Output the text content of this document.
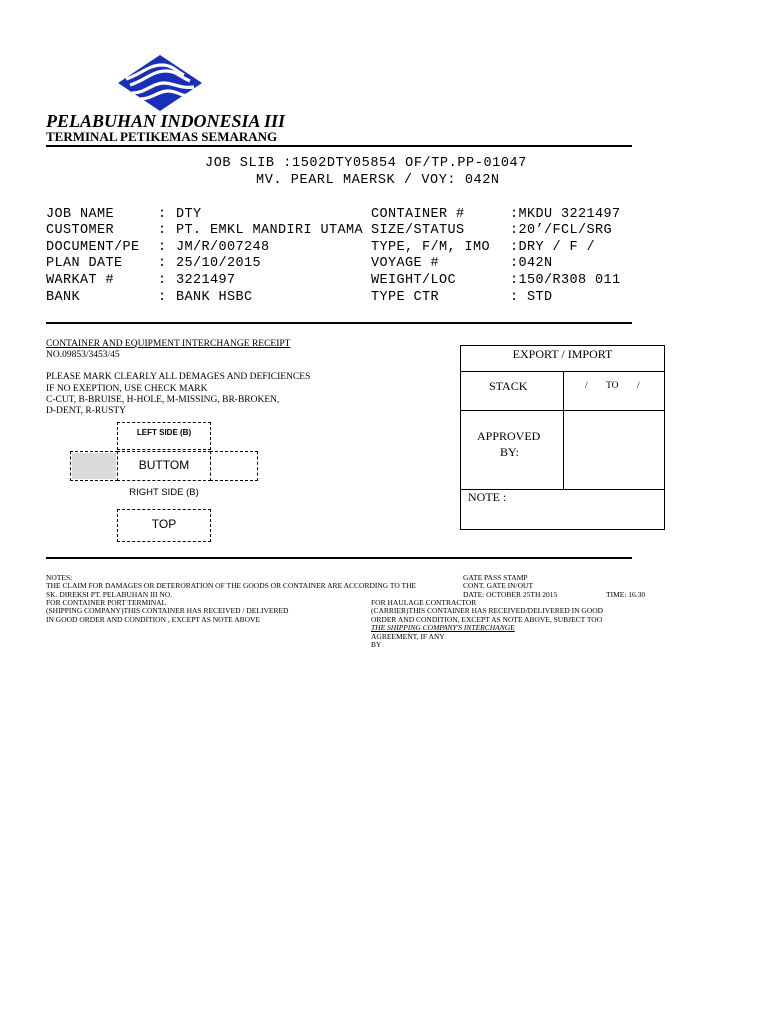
PELABUHAN INDONESIA III
TERMINAL PETIKEMAS SEMARANG
JOB SLIB :1502DTY05854 OF/TP.PP-01047
MV. PEARL MAERSK / VOY: 042N
JOB NAME	: DTY	CONTAINER #	:MKDU 3221497
CUSTOMER	: PT. EMKL MANDIRI UTAMA SIZE/STATUS	:20’/FCL/SRG
DOCUMENT/PE : JM/R/007248	TYPE, F/M, IMO :DRY / F /
PLAN DATE	: 25/10/2015	VOYAGE #	:042N
WARKAT #	: 3221497	WEIGHT/LOC	:150/R308 011
BANK	: BANK HSBC	TYPE CTR	: STD
CONTAINER AND EQUIPMENT INTERCHANGE RECEIPT
NO.09853/3453/45
PLEASE MARK CLEARLY ALL DEMAGES AND DEFICIENCES
IF NO EXEPTION, USE CHECK MARK
C-CUT, B-BRUISE, H-HOLE, M-MISSING, BR-BROKEN,
D-DENT, R-RUSTY
LEFT SIDE (B)
BUTTOM
RIGHT SIDE (B)
TOP
EXPORT / IMPORT
STACK	/ TO /
APPROVED
BY:
NOTE :
NOTES:
THE CLAIM FOR DAMAGES OR DETERORATION OF THE GOODS OR CONTAINER ARE ACCORDING TO THE
SK. DIREKSI PT. PELABUHAN III NO.
FOR CONTAINER PORT TERMINAL
(SHIPPING COMPANY)THIS CONTAINER HAS RECEIVED / DELIVERED
IN GOOD ORDER AND CONDITION , EXCEPT AS NOTE ABOVE
GATE PASS STAMP
CONT. GATE IN/OUT
DATE: OCTOBER 25TH 2015	TIME: 16.30
FOR HAULAGE CONTRACTOR
(CARRIER)THIS CONTAINER HAS RECEIVED/DELIVERED IN GOOD
ORDER AND CONDITION, EXCEPT AS NOTE ABOVE, SUBJECT TOO
THE SHIPPING COMPANY'S INTERCHANGE
AGREEMENT, IF ANY
BY
